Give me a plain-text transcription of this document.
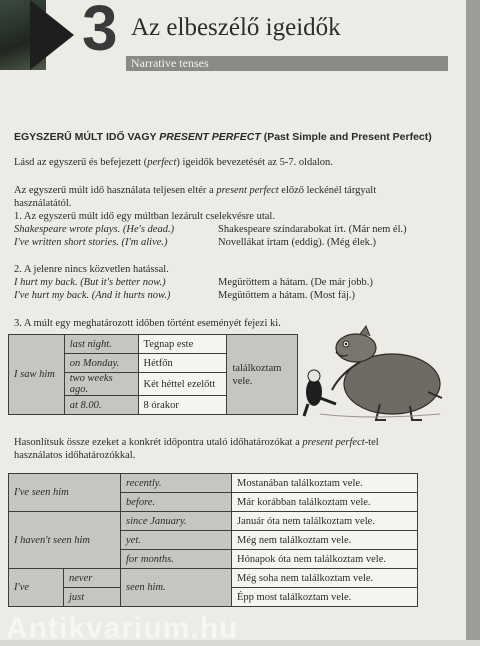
3 Az elbeszélő igeidők
Narrative tenses
EGYSZERŰ MÚLT IDŐ VAGY PRESENT PERFECT (Past Simple and Present Perfect)
Lásd az egyszerű és befejezett (perfect) igeidők bevezetését az 5-7. oldalon.
Az egyszerű múlt idő használata teljesen eltér a present perfect előző leckénél tárgyalt
használatától.
1. Az egyszerű múlt idő egy múltban lezárult cselekvésre utal.
Shakespeare wrote plays. (He's dead.)	Shakespeare színdarabokat írt. (Már nem él.)
I've written short stories. (I'm alive.)	Novellákat írtam (eddig). (Még élek.)
2. A jelenre nincs közvetlen hatással.
I hurt my back. (But it's better now.)	Megüröttem a hátam. (De már jobb.)
I've hurt my back. (And it hurts now.)	Megütöttem a hátam. (Most fáj.)
3. A múlt egy meghatározott időben történt eseményét fejezi ki.
I saw him	last night.	Tegnap este	találkoztam vele.
	on Monday.	Hétfőn	
	two weeks ago.	Két héttel ezelőtt	
	at 8.00.	8 órakor	
Hasonlítsuk össze ezeket a konkrét időpontra utaló időhatározókat a present perfect-tel
használatos időhatározókkal.
I've seen him		recently.	Mostanában találkoztam vele.
		before.	Már korábban találkoztam vele.
I haven't seen him		since January.	Január óta nem találkoztam vele.
		yet.	Még nem találkoztam vele.
		for months.	Hónapok óta nem találkoztam vele.
I've	never	seen him.	Még soha nem találkoztam vele.
	just		Épp most találkoztam vele.
Antikvarium.hu
